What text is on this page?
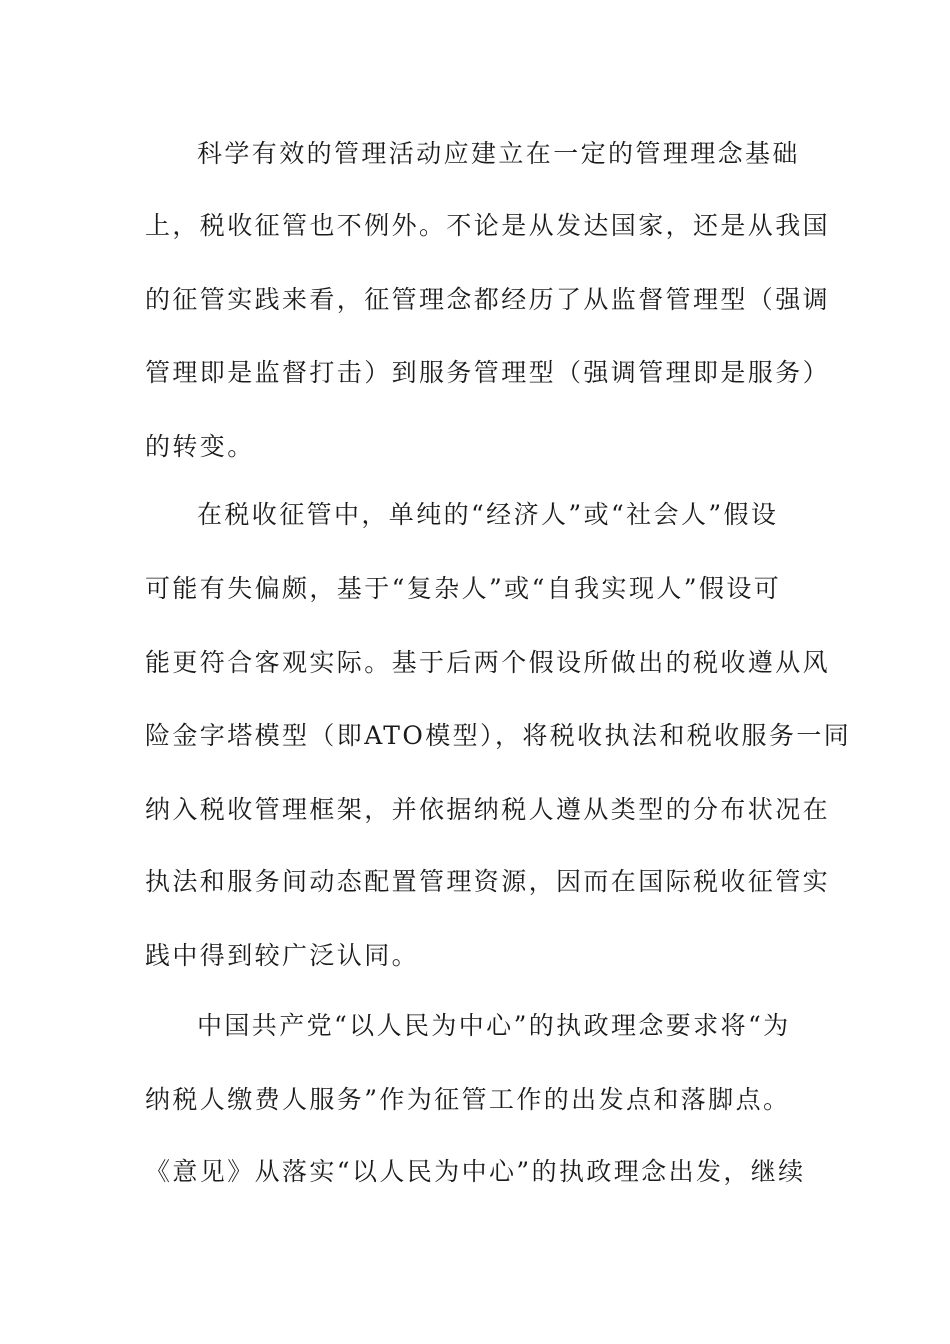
科学有效的管理活动应建立在一定的管理理念基础
上，税收征管也不例外。不论是从发达国家，还是从我国
的征管实践来看，征管理念都经历了从监督管理型（强调
管理即是监督打击）到服务管理型（强调管理即是服务）
的转变。
在税收征管中，单纯的“经济人”或“社会人”假设
可能有失偏颇，基于“复杂人”或“自我实现人”假设可
能更符合客观实际。基于后两个假设所做出的税收遵从风
险金字塔模型（即ATO模型），将税收执法和税收服务一同
纳入税收管理框架，并依据纳税人遵从类型的分布状况在
执法和服务间动态配置管理资源，因而在国际税收征管实
践中得到较广泛认同。
中国共产党“以人民为中心”的执政理念要求将“为
纳税人缴费人服务”作为征管工作的出发点和落脚点。
《意见》从落实“以人民为中心”的执政理念出发，继续
